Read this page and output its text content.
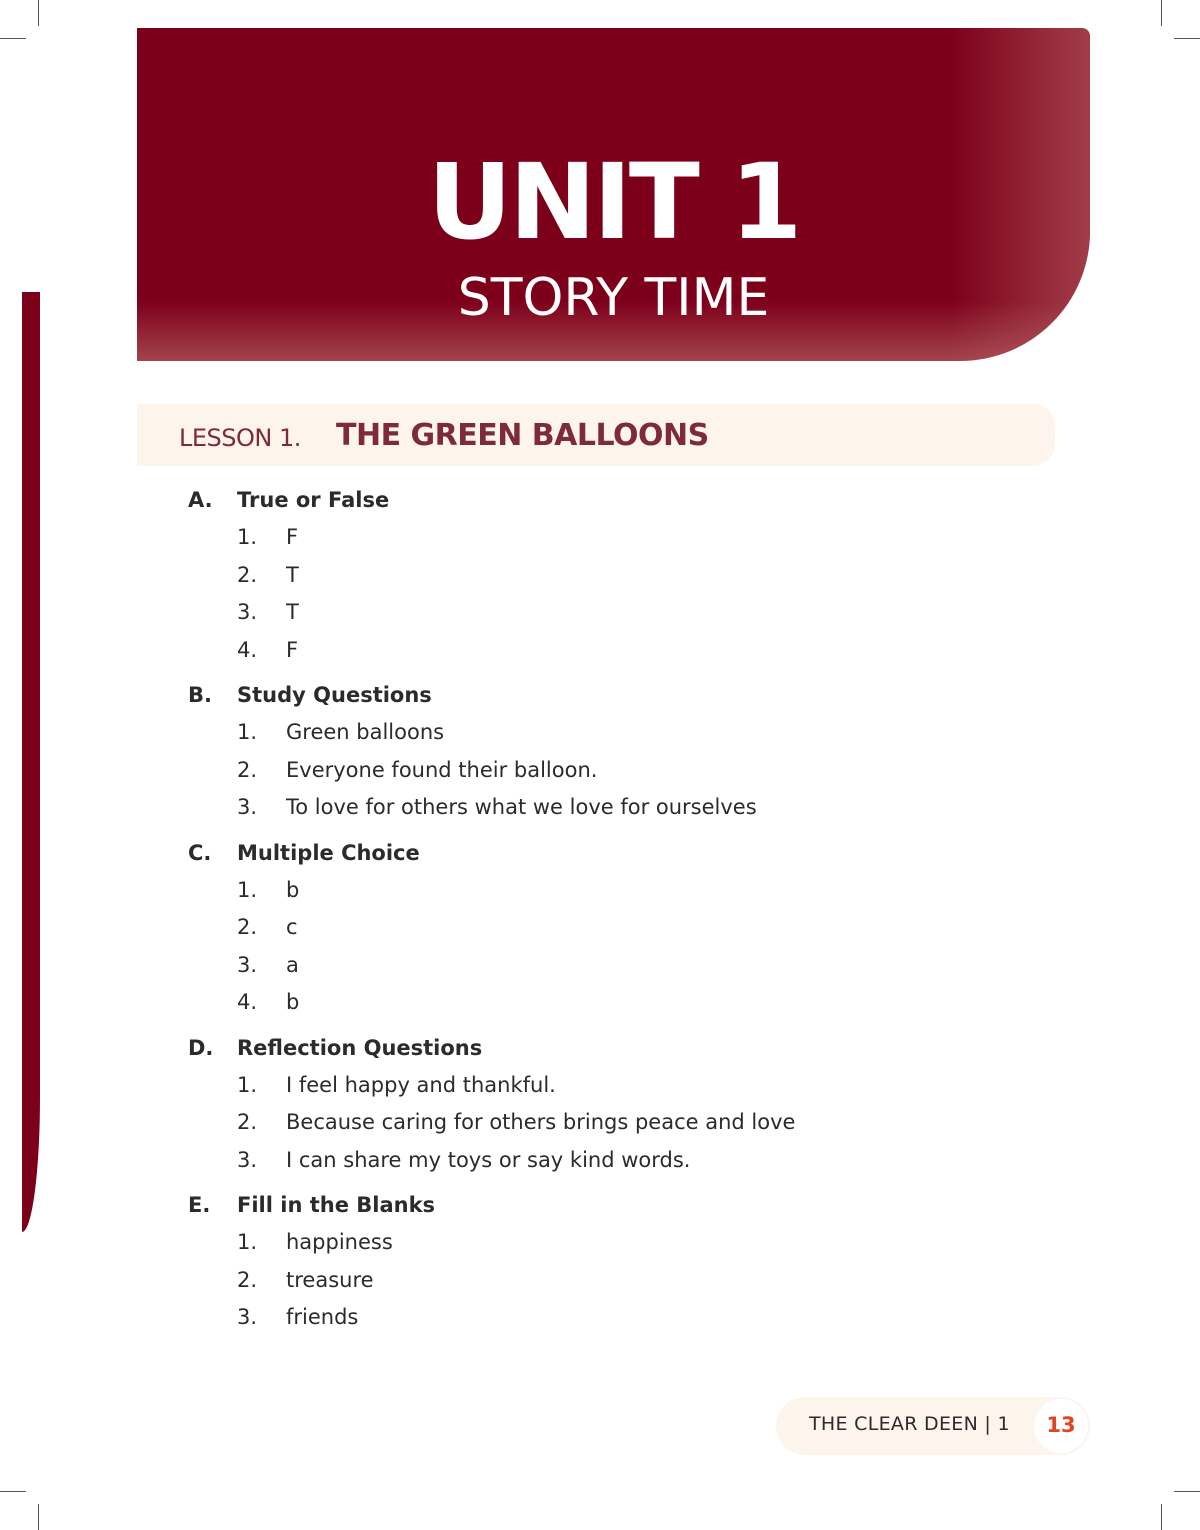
UNIT 1
STORY TIME
LESSON 1. THE GREEN BALLOONS
A. True or False
1. F
2. T
3. T
4. F
B. Study Questions
1. Green balloons
2. Everyone found their balloon.
3. To love for others what we love for ourselves
C. Multiple Choice
1. b
2. c
3. a
4. b
D. Reflection Questions
1. I feel happy and thankful.
2. Because caring for others brings peace and love
3. I can share my toys or say kind words.
E. Fill in the Blanks
1. happiness
2. treasure
3. friends
THE CLEAR DEEN | 1	13
